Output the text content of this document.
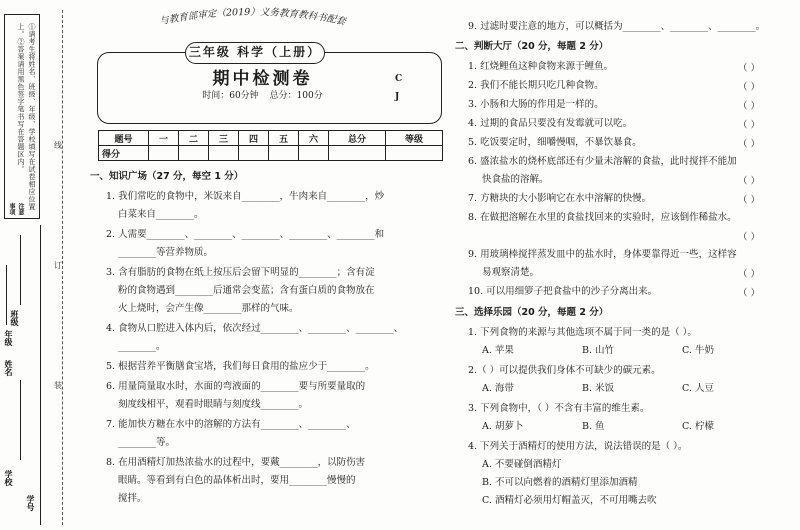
①请考生将姓名、班级、年级、学校填写在试卷相应位置上。②答案请用黑色签字笔书写在答题区内。
注意事项
班级
年级
姓名
学校
学号
线
订
装
与教育部审定（2019）义务教育教科书配套
三年级 科学（上册）
期中检测卷
时间：60分钟 总分：100分
C
J
题号	一	二	三	四	五	六	总分	等级
得分								
一、知识广场（27 分，每空 1 分）
1. 我们常吃的食物中，米饭来自________，牛肉来自________，炒
白菜来自________。
2. 人需要________、________、________、________、________和
________等营养物质。
3. 含有脂肪的食物在纸上按压后会留下明显的________；含有淀
粉的食物遇到________后通常会变蓝；含有蛋白质的食物放在
火上烧时，会产生像________那样的气味。
4. 食物从口腔进入体内后，依次经过________、________、________、
________。
5. 根据营养平衡膳食宝塔，我们每日食用的盐应少于________。
6. 用量筒量取水时，水面的弯液面的________要与所要量取的
刻度线相平，观看时眼睛与刻度线________。
7. 能加快方糖在水中的溶解的方法有________、________、
________等。
8. 在用酒精灯加热浓盐水的过程中，要戴________，以防伤害
眼睛。等看到有白色的晶体析出时，要用________慢慢的
搅拌。
9. 过滤时要注意的地方，可以概括为________、________、________。
二、判断大厅（20 分，每题 2 分）
1. 红烧鲤鱼这种食物来源于鲤鱼。	（ ）
2. 我们不能长期只吃几种食物。	（ ）
3. 小肠和大肠的作用是一样的。	（ ）
4. 过期的食品只要没有发霉就可以吃。	（ ）
5. 吃饭要定时，细嚼慢咽，不暴饮暴食。	（ ）
6. 盛浓盐水的烧杯底部还有少量未溶解的食盐，此时搅拌不能加
快食盐的溶解。	（ ）
7. 方糖块的大小影响它在水中溶解的快慢。	（ ）
8. 在做把溶解在水里的食盐找回来的实验时，应该倒作稀盐水。
（ ）
9. 用玻璃棒搅拌蒸发皿中的盐水时，身体要靠得近一些，这样容
易观察清楚。	（ ）
10. 可以用细箩子把食盐中的沙子分离出来。	（ ）
三、选择乐园（20 分，每题 2 分）
1. 下列食物的来源与其他选项不属于同一类的是（ ）。
A. 苹果	B. 山竹	C. 牛奶
2.（ ）可以提供我们身体不可缺少的碳元素。
A. 海带	B. 米饭	C. 人豆
3. 下列食物中，（ ）不含有丰富的维生素。
A. 胡萝卜	B. 鱼	C. 柠檬
4. 下列关于酒精灯的使用方法，说法错误的是（ ）。
A. 不要碰倒酒精灯
B. 不可以向燃着的酒精灯里添加酒精
C. 酒精灯必须用灯帽盖灭，不可用嘴去吹
